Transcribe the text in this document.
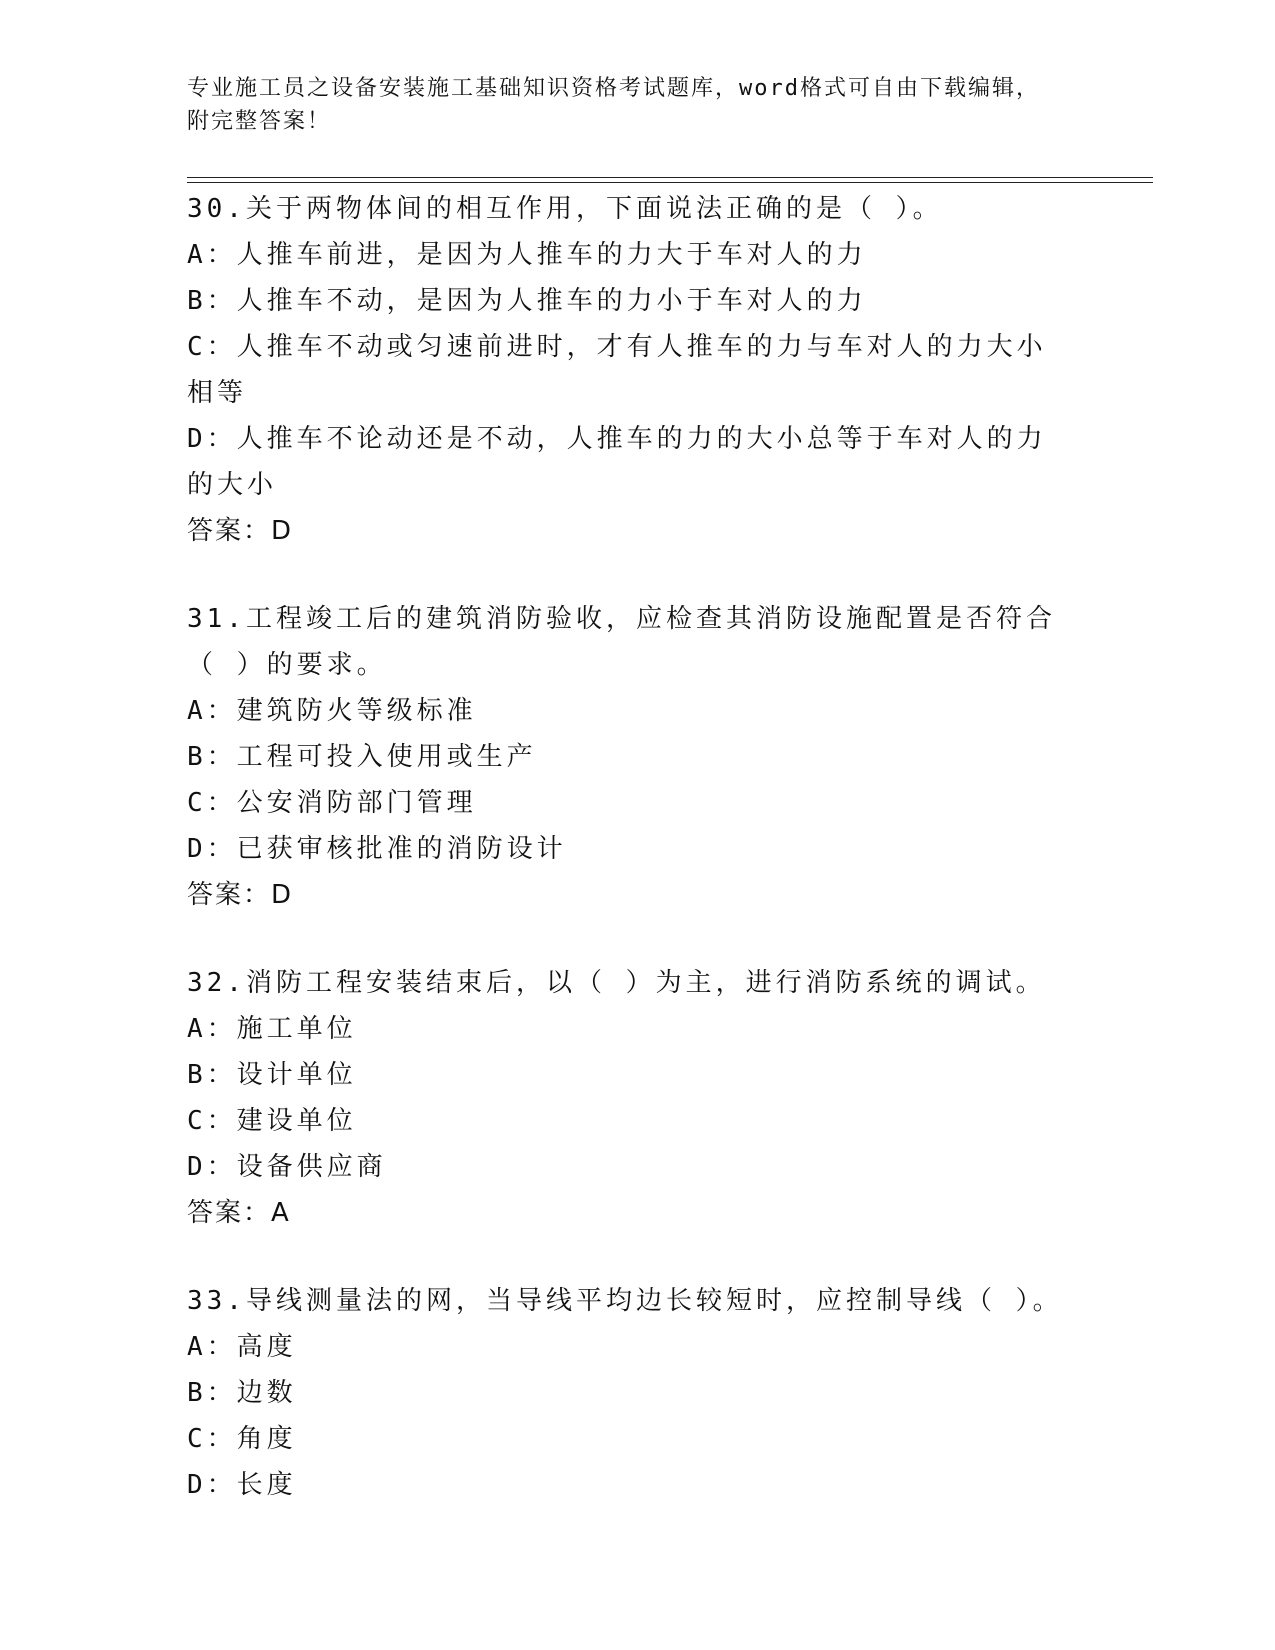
专业施工员之设备安装施工基础知识资格考试题库，word格式可自由下载编辑，
附完整答案！
30.关于两物体间的相互作用，下面说法正确的是（ ）。
A：人推车前进，是因为人推车的力大于车对人的力
B：人推车不动，是因为人推车的力小于车对人的力
C：人推车不动或匀速前进时，才有人推车的力与车对人的力大小相等
D：人推车不论动还是不动，人推车的力的大小总等于车对人的力的大小
答案：D
31.工程竣工后的建筑消防验收，应检查其消防设施配置是否符合（ ）的要求。
A：建筑防火等级标准
B：工程可投入使用或生产
C：公安消防部门管理
D：已获审核批准的消防设计
答案：D
32.消防工程安装结束后，以（ ）为主，进行消防系统的调试。
A：施工单位
B：设计单位
C：建设单位
D：设备供应商
答案：A
33.导线测量法的网，当导线平均边长较短时，应控制导线（ ）。
A：高度
B：边数
C：角度
D：长度
